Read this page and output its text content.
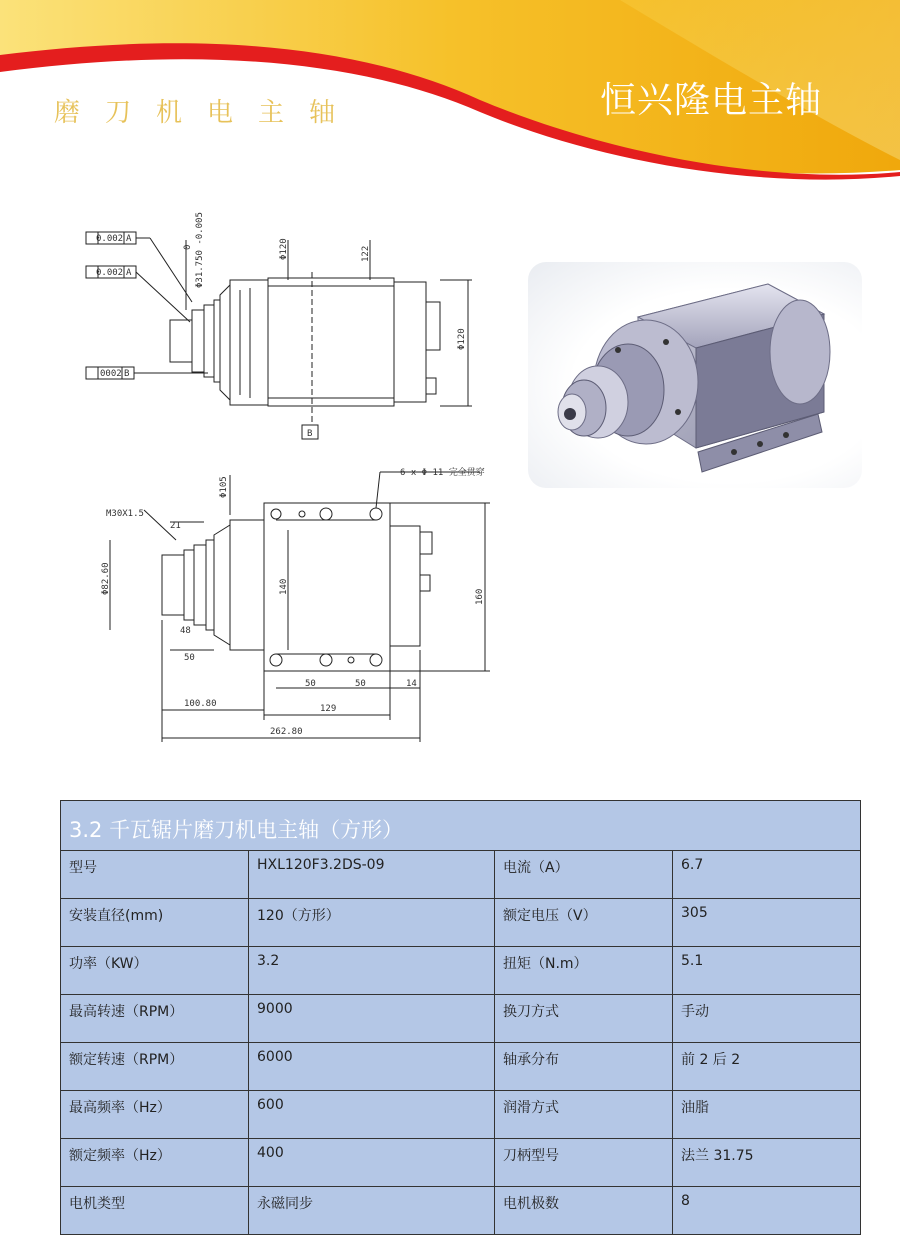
磨刀机电主轴	恒兴隆电主轴
0.002 A
0.002 A
0002 B
B
Φ31.750 -0.005
0	Φ120	122
Φ120
M30X1.5
Φ105
6 x Φ 11 完全贯穿
21
Φ82.60
48
50
140
160
50	50	14
100.80	129
262.80
3.2 千瓦锯片磨刀机电主轴（方形）			
型号	HXL120F3.2DS-09	电流（A）	6.7
安装直径(mm)	120（方形）	额定电压（V）	305
功率（KW）	3.2	扭矩（N.m）	5.1
最高转速（RPM）	9000	换刀方式	手动
额定转速（RPM）	6000	轴承分布	前 2 后 2
最高频率（Hz）	600	润滑方式	油脂
额定频率（Hz）	400	刀柄型号	法兰 31.75
电机类型	永磁同步	电机极数	8
